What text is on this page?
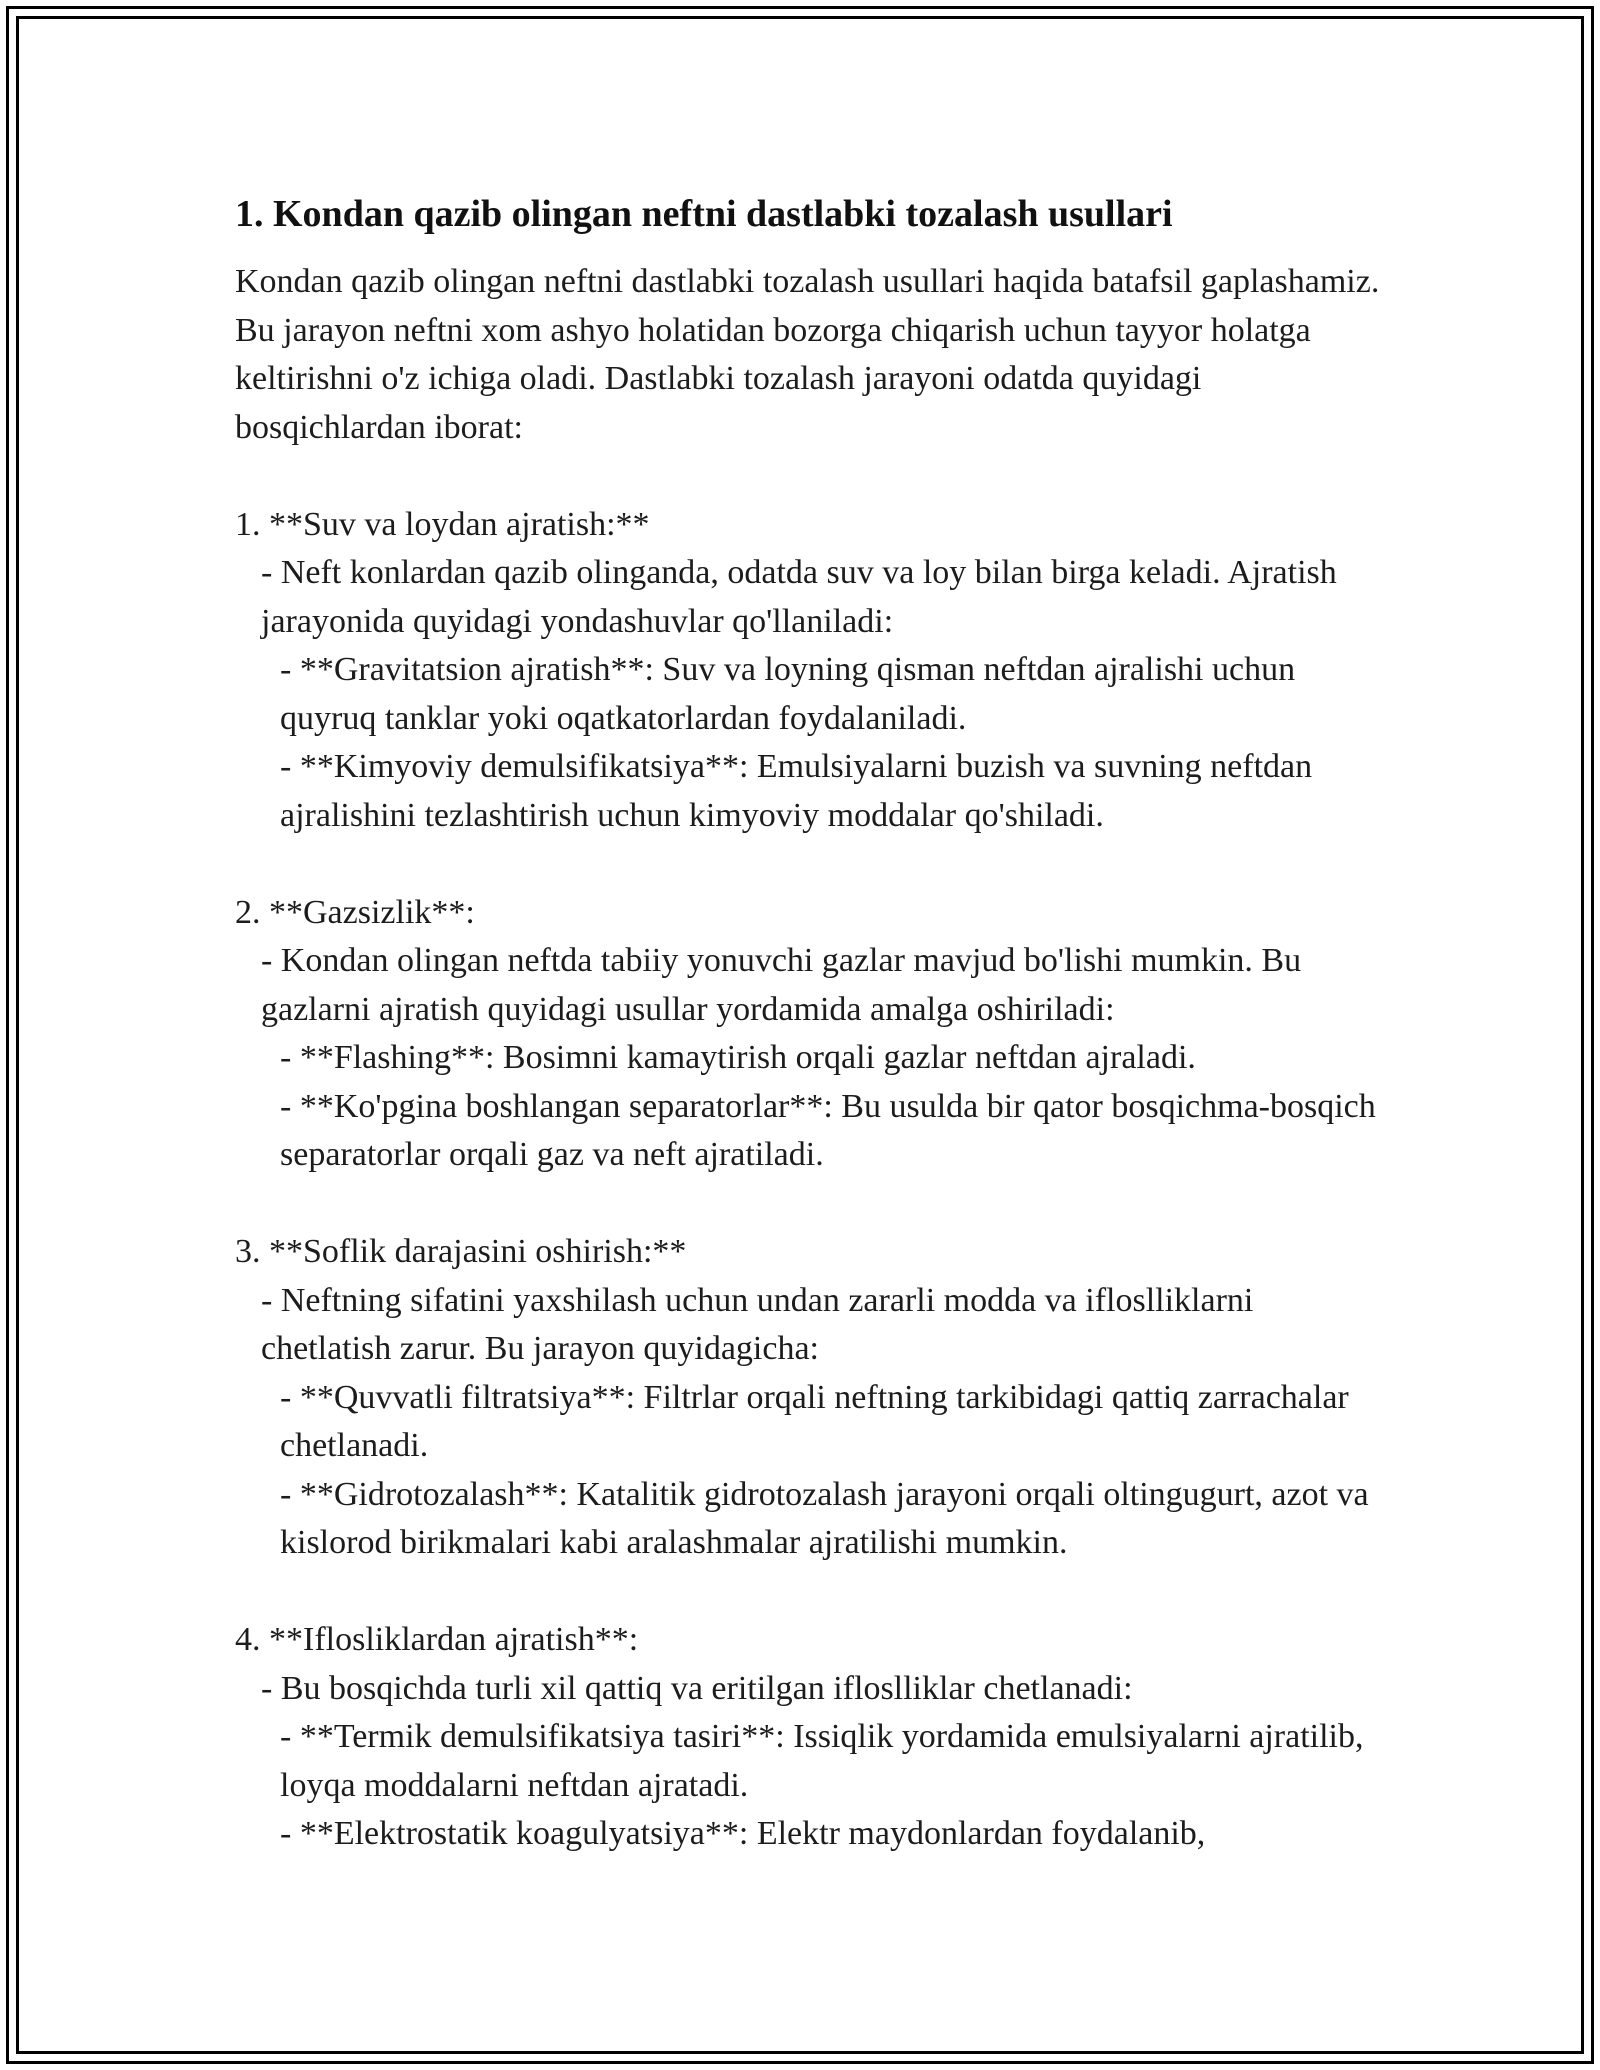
1. Kondan qazib olingan neftni dastlabki tozalash usullari

Kondan qazib olingan neftni dastlabki tozalash usullari haqida batafsil gaplashamiz. Bu jarayon neftni xom ashyo holatidan bozorga chiqarish uchun tayyor holatga keltirishni o'z ichiga oladi. Dastlabki tozalash jarayoni odatda quyidagi bosqichlardan iborat:

1. **Suv va loydan ajratish:**

- Neft konlardan qazib olinganda, odatda suv va loy bilan birga keladi. Ajratish jarayonida quyidagi yondashuvlar qo'llaniladi:

- **Gravitatsion ajratish**: Suv va loyning qisman neftdan ajralishi uchun quyruq tanklar yoki oqatkatorlardan foydalaniladi.

- **Kimyoviy demulsifikatsiya**: Emulsiyalarni buzish va suvning neftdan ajralishini tezlashtirish uchun kimyoviy moddalar qo'shiladi.

2. **Gazsizlik**:

- Kondan olingan neftda tabiiy yonuvchi gazlar mavjud bo'lishi mumkin. Bu gazlarni ajratish quyidagi usullar yordamida amalga oshiriladi:

- **Flashing**: Bosimni kamaytirish orqali gazlar neftdan ajraladi.

- **Ko'pgina boshlangan separatorlar**: Bu usulda bir qator bosqichma-bosqich separatorlar orqali gaz va neft ajratiladi.

3. **Soflik darajasini oshirish:**

- Neftning sifatini yaxshilash uchun undan zararli modda va ifloslliklarni chetlatish zarur. Bu jarayon quyidagicha:

- **Quvvatli filtratsiya**: Filtrlar orqali neftning tarkibidagi qattiq zarrachalar chetlanadi.

- **Gidrotozalash**: Katalitik gidrotozalash jarayoni orqali oltingugurt, azot va kislorod birikmalari kabi aralashmalar ajratilishi mumkin.

4. **Iflosliklardan ajratish**:

- Bu bosqichda turli xil qattiq va eritilgan ifloslliklar chetlanadi:

- **Termik demulsifikatsiya tasiri**: Issiqlik yordamida emulsiyalarni ajratilib, loyqa moddalarni neftdan ajratadi.

- **Elektrostatik koagulyatsiya**: Elektr maydonlardan foydalanib,
